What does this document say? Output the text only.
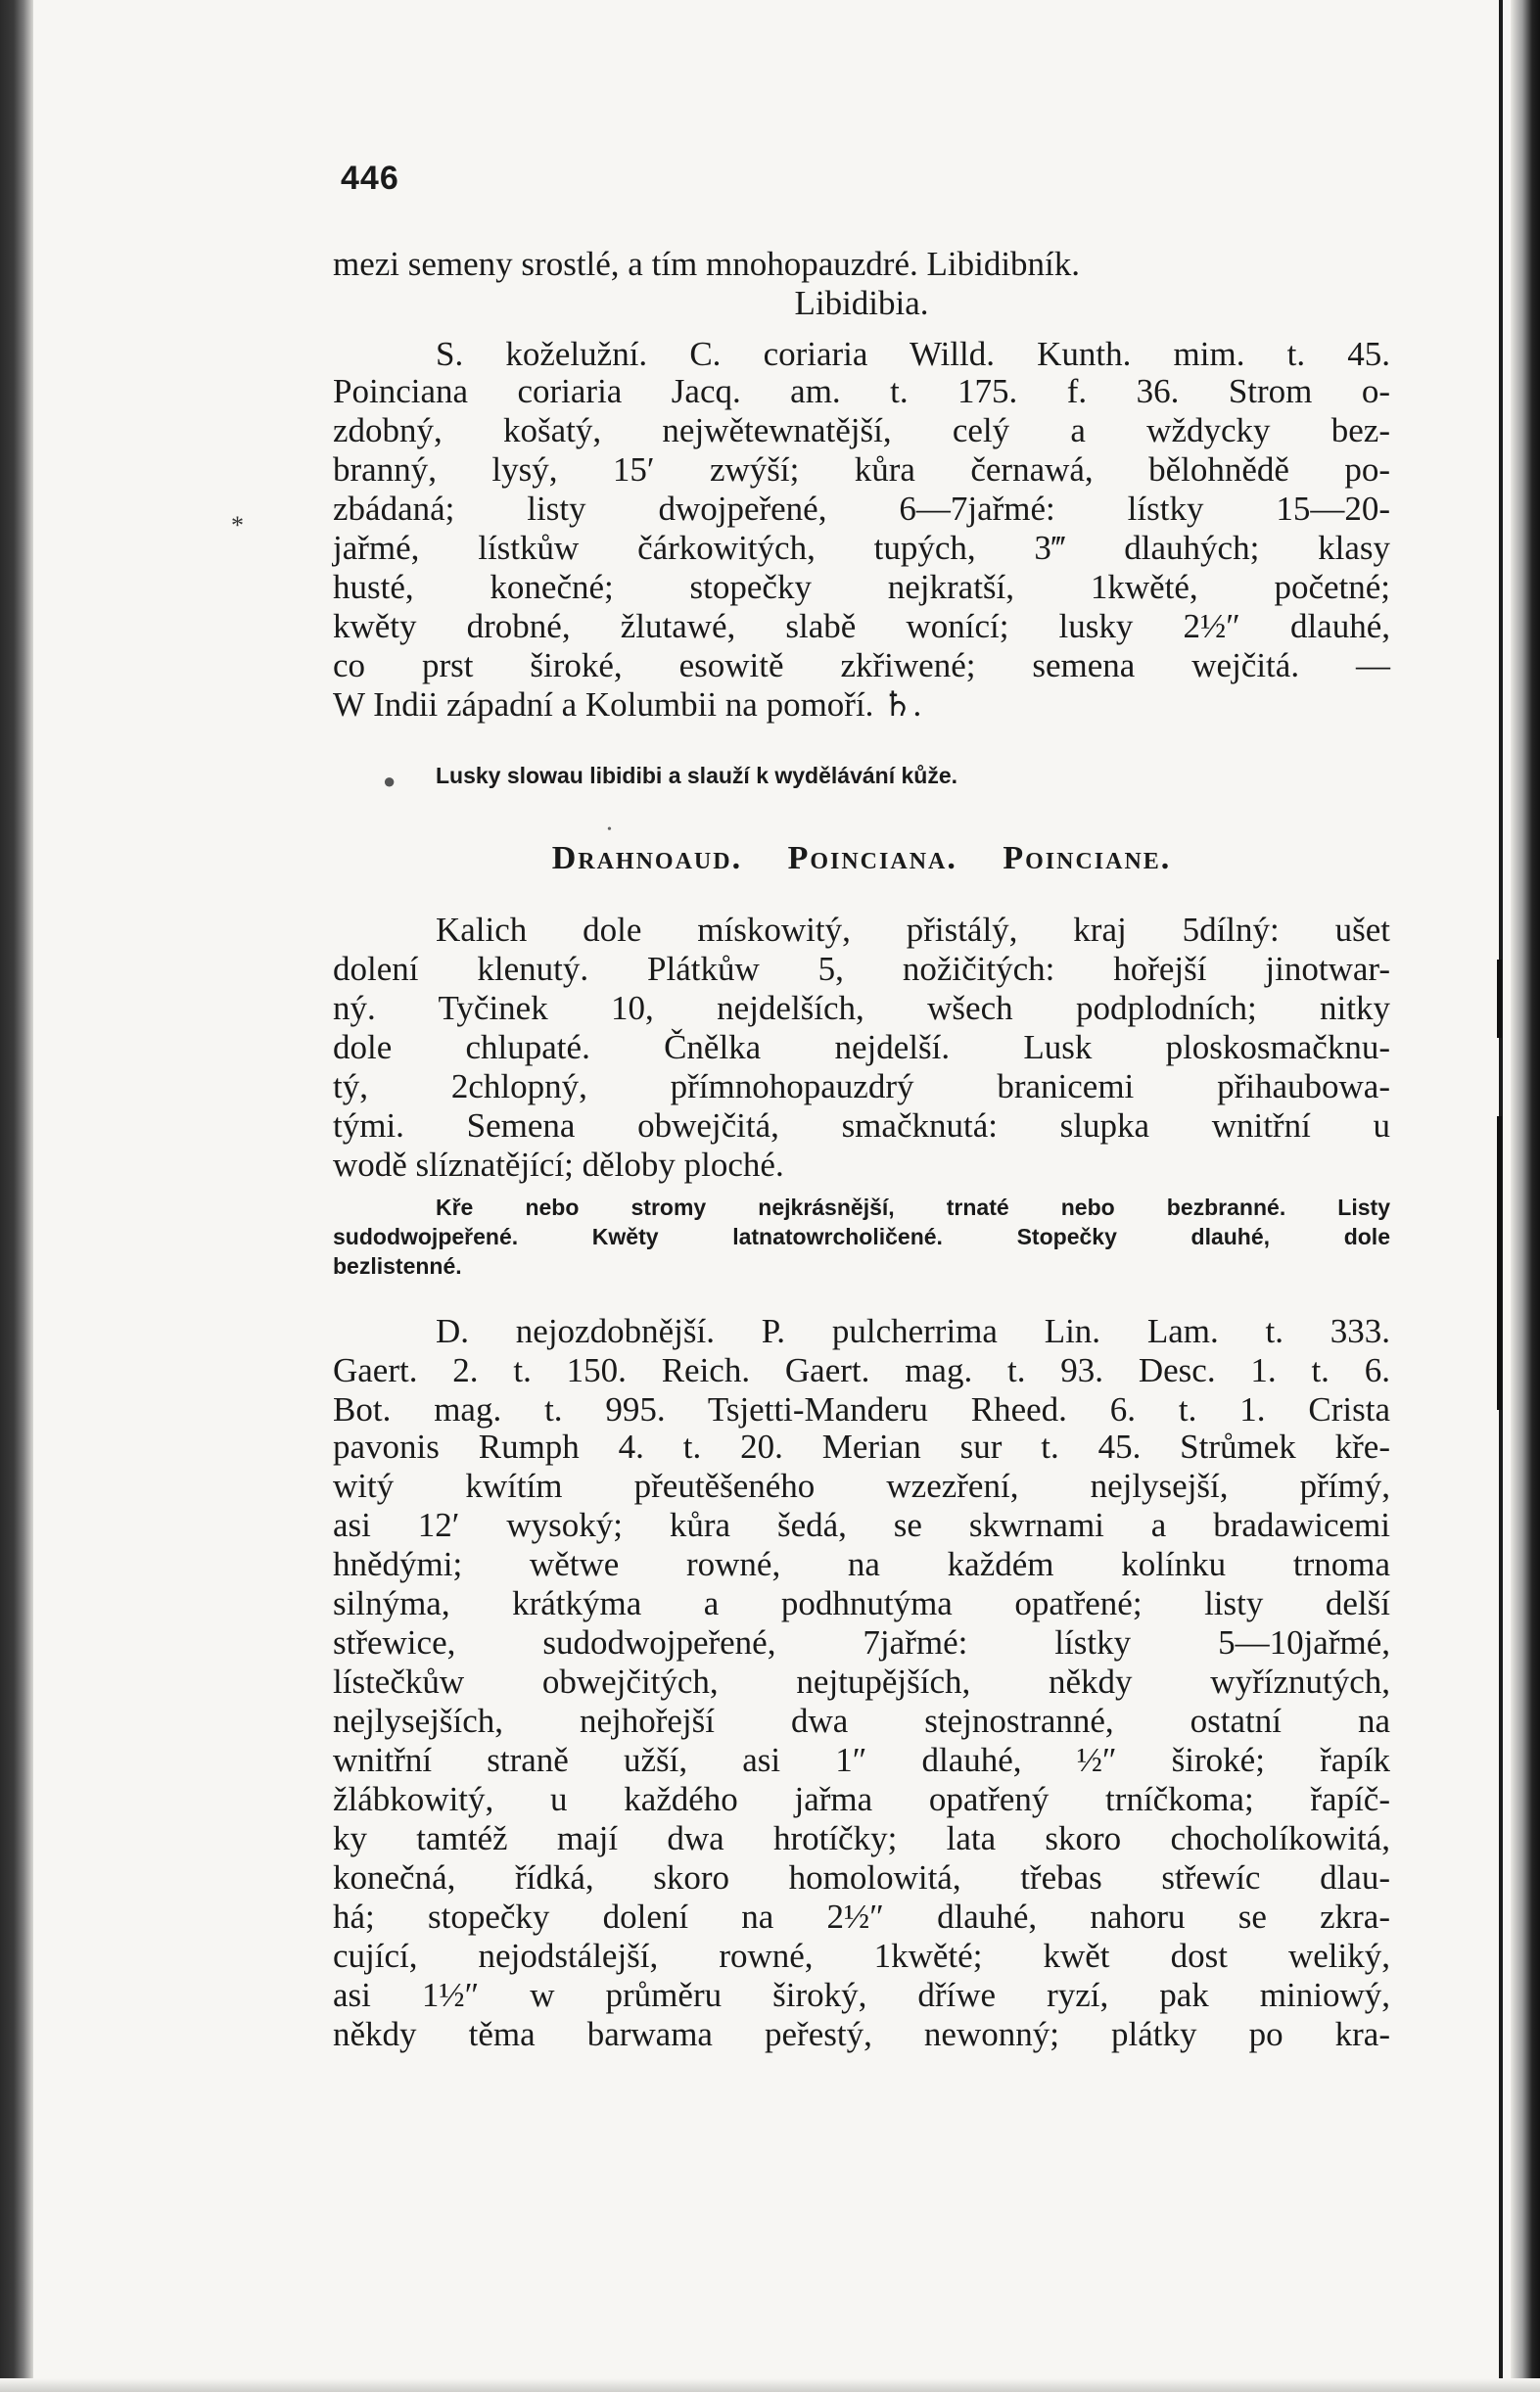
446
*
mezi semeny srostlé, a tím mnohopauzdré. Libidibník.
Libidibia.
S. koželužní. C. coriaria Willd. Kunth. mim. t. 45.
Poinciana coriaria Jacq. am. t. 175. f. 36. Strom o-
zdobný, košatý, nejwětewnatější, celý a wždycky bez-
branný, lysý, 15′ zwýší; kůra černawá, bělohnědě po-
zbádaná; listy dwojpeřené, 6—7jařmé: lístky 15—20-
jařmé, lístkůw čárkowitých, tupých, 3‴ dlauhých; klasy
husté, konečné; stopečky nejkratší, 1kwěté, početné;
kwěty drobné, žlutawé, slabě wonící; lusky 2½″ dlauhé,
co prst široké, esowitě zkřiwené; semena wejčitá. —
W Indii západní a Kolumbii na pomoří. ♄.
● Lusky slowau libidibi a slauží k wydělávání kůže.
•
Drahnoaud. Poinciana. Poinciane.
Kalich dole mískowitý, přistálý, kraj 5dílný: ušet
dolení klenutý. Plátkůw 5, nožičitých: hořejší jinotwar-
ný. Tyčinek 10, nejdelších, wšech podplodních; nitky
dole chlupaté. Čnělka nejdelší. Lusk ploskosmačknu-
tý, 2chlopný, přímnohopauzdrý branicemi přihaubowa-
tými. Semena obwejčitá, smačknutá: slupka wnitřní u
wodě slíznatějící; děloby ploché.
Kře nebo stromy nejkrásnější, trnaté nebo bezbranné. Listy
sudodwojpeřené. Kwěty latnatowrcholičené. Stopečky dlauhé, dole
bezlistenné.
D. nejozdobnější. P. pulcherrima Lin. Lam. t. 333.
Gaert. 2. t. 150. Reich. Gaert. mag. t. 93. Desc. 1. t. 6.
Bot. mag. t. 995. Tsjetti-Manderu Rheed. 6. t. 1. Crista
pavonis Rumph 4. t. 20. Merian sur t. 45. Strůmek kře-
witý kwítím přeutěšeného wzezření, nejlysejší, přímý,
asi 12′ wysoký; kůra šedá, se skwrnami a bradawicemi
hnědými; wětwe rowné, na každém kolínku trnoma
silnýma, krátkýma a podhnutýma opatřené; listy delší
střewice, sudodwojpeřené, 7jařmé: lístky 5—10jařmé,
lístečkůw obwejčitých, nejtupějších, někdy wyříznutých,
nejlysejších, nejhořejší dwa stejnostranné, ostatní na
wnitřní straně užší, asi 1″ dlauhé, ½″ široké; řapík
žlábkowitý, u každého jařma opatřený trníčkoma; řapíč-
ky tamtéž mají dwa hrotíčky; lata skoro chocholíkowitá,
konečná, řídká, skoro homolowitá, třebas střewíc dlau-
há; stopečky dolení na 2½″ dlauhé, nahoru se zkra-
cující, nejodstálejší, rowné, 1kwěté; kwět dost weliký,
asi 1½″ w průměru široký, dříwe ryzí, pak miniowý,
někdy těma barwama peřestý, newonný; plátky po kra-
